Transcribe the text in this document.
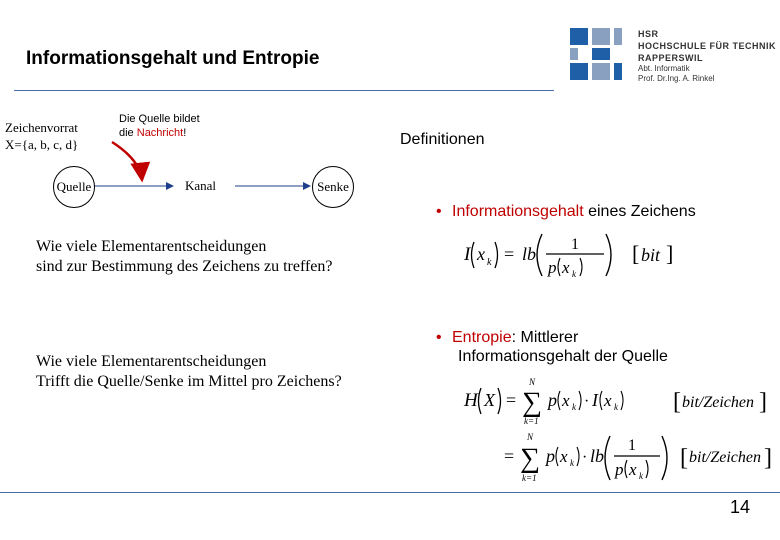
Informationsgehalt und Entropie
HSR
HOCHSCHULE FÜR TECHNIK
RAPPERSWIL
Abt. Informatik
Prof. Dr.Ing. A. Rinkel
Zeichenvorrat
X={a, b, c, d}
Die Quelle bildet
die Nachricht!
Quelle	Kanal	Senke
Definitionen
Wie viele Elementarentscheidungen
sind zur Bestimmung des Zeichens zu treffen?
Wie viele Elementarentscheidungen
Trifft die Quelle/Senke im Mittel pro Zeichens?
• Informationsgehalt eines Zeichens
• Entropie: Mittlerer
Informationsgehalt der Quelle
I x k = lb 1
p x k
[ bit ]
H X =
N
∑
k=1
p x k · I x k [ bit/Zeichen ]
=
N
∑
k=1
p x k · lb
1
p x k
[ bit/Zeichen ]
14
